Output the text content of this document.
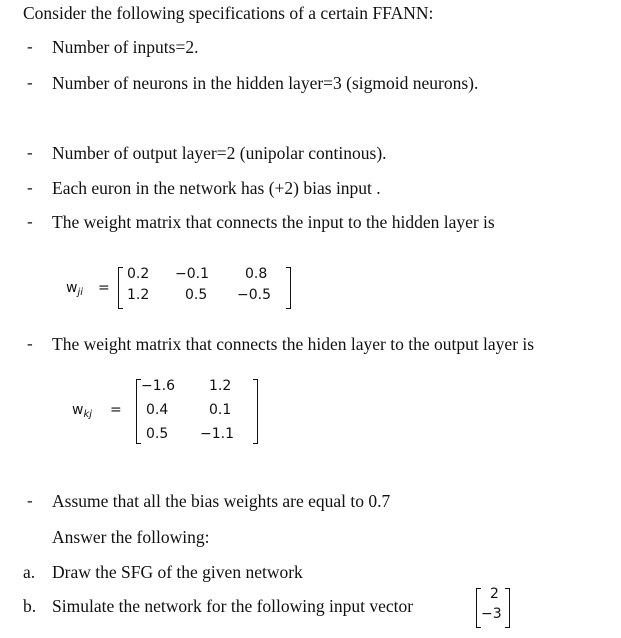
Consider the following specifications of a certain FFANN:
- Number of inputs=2.
- Number of neurons in the hidden layer=3 (sigmoid neurons).
- Number of output layer=2 (unipolar continous).
- Each euron in the network has (+2) bias input .
- The weight matrix that connects the input to the hidden layer is
$w_{ji}$ =
0.2 −0.1	0.8
1.2	0.5 −0.5
- The weight matrix that connects the hiden layer to the output layer is
$w_{kj}$ =
−1.6 1.2
0.4	0.1
0.5 −1.1
- Assume that all the bias weights are equal to 0.7
Answer the following:
a. Draw the SFG of the given network
b. Simulate the network for the following input vector
2
−3
